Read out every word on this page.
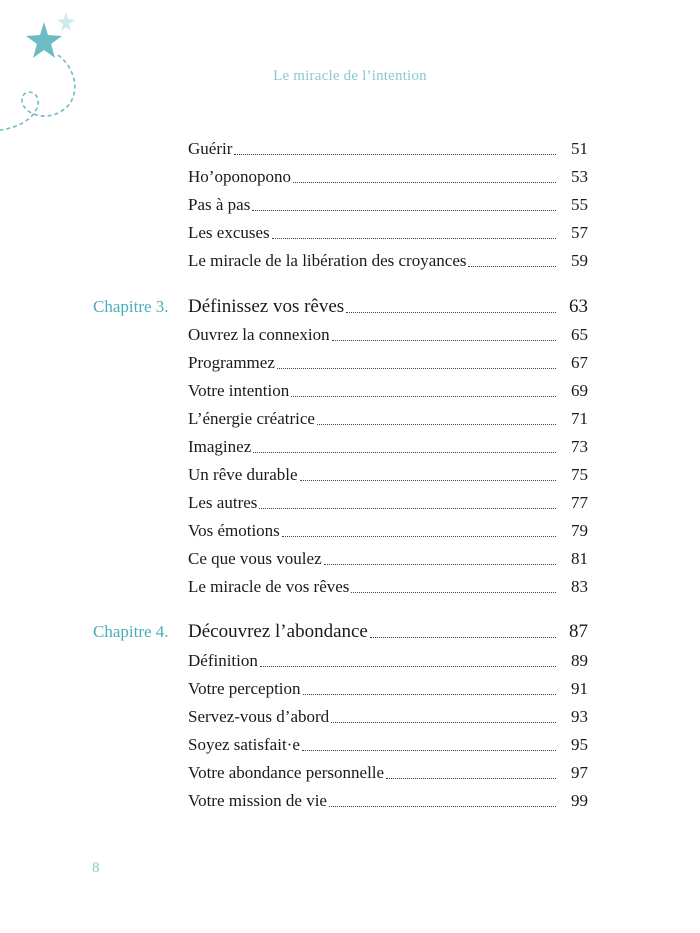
Le miracle de l’intention
Guérir	51
Ho’oponopono	53
Pas à pas	55
Les excuses	57
Le miracle de la libération des croyances	59
Chapitre 3. Définissez vos rêves	63
Ouvrez la connexion	65
Programmez	67
Votre intention	69
L’énergie créatrice	71
Imaginez	73
Un rêve durable	75
Les autres	77
Vos émotions	79
Ce que vous voulez	81
Le miracle de vos rêves	83
Chapitre 4. Découvrez l’abondance	87
Définition	89
Votre perception	91
Servez-vous d’abord	93
Soyez satisfait·e	95
Votre abondance personnelle	97
Votre mission de vie	99
8
